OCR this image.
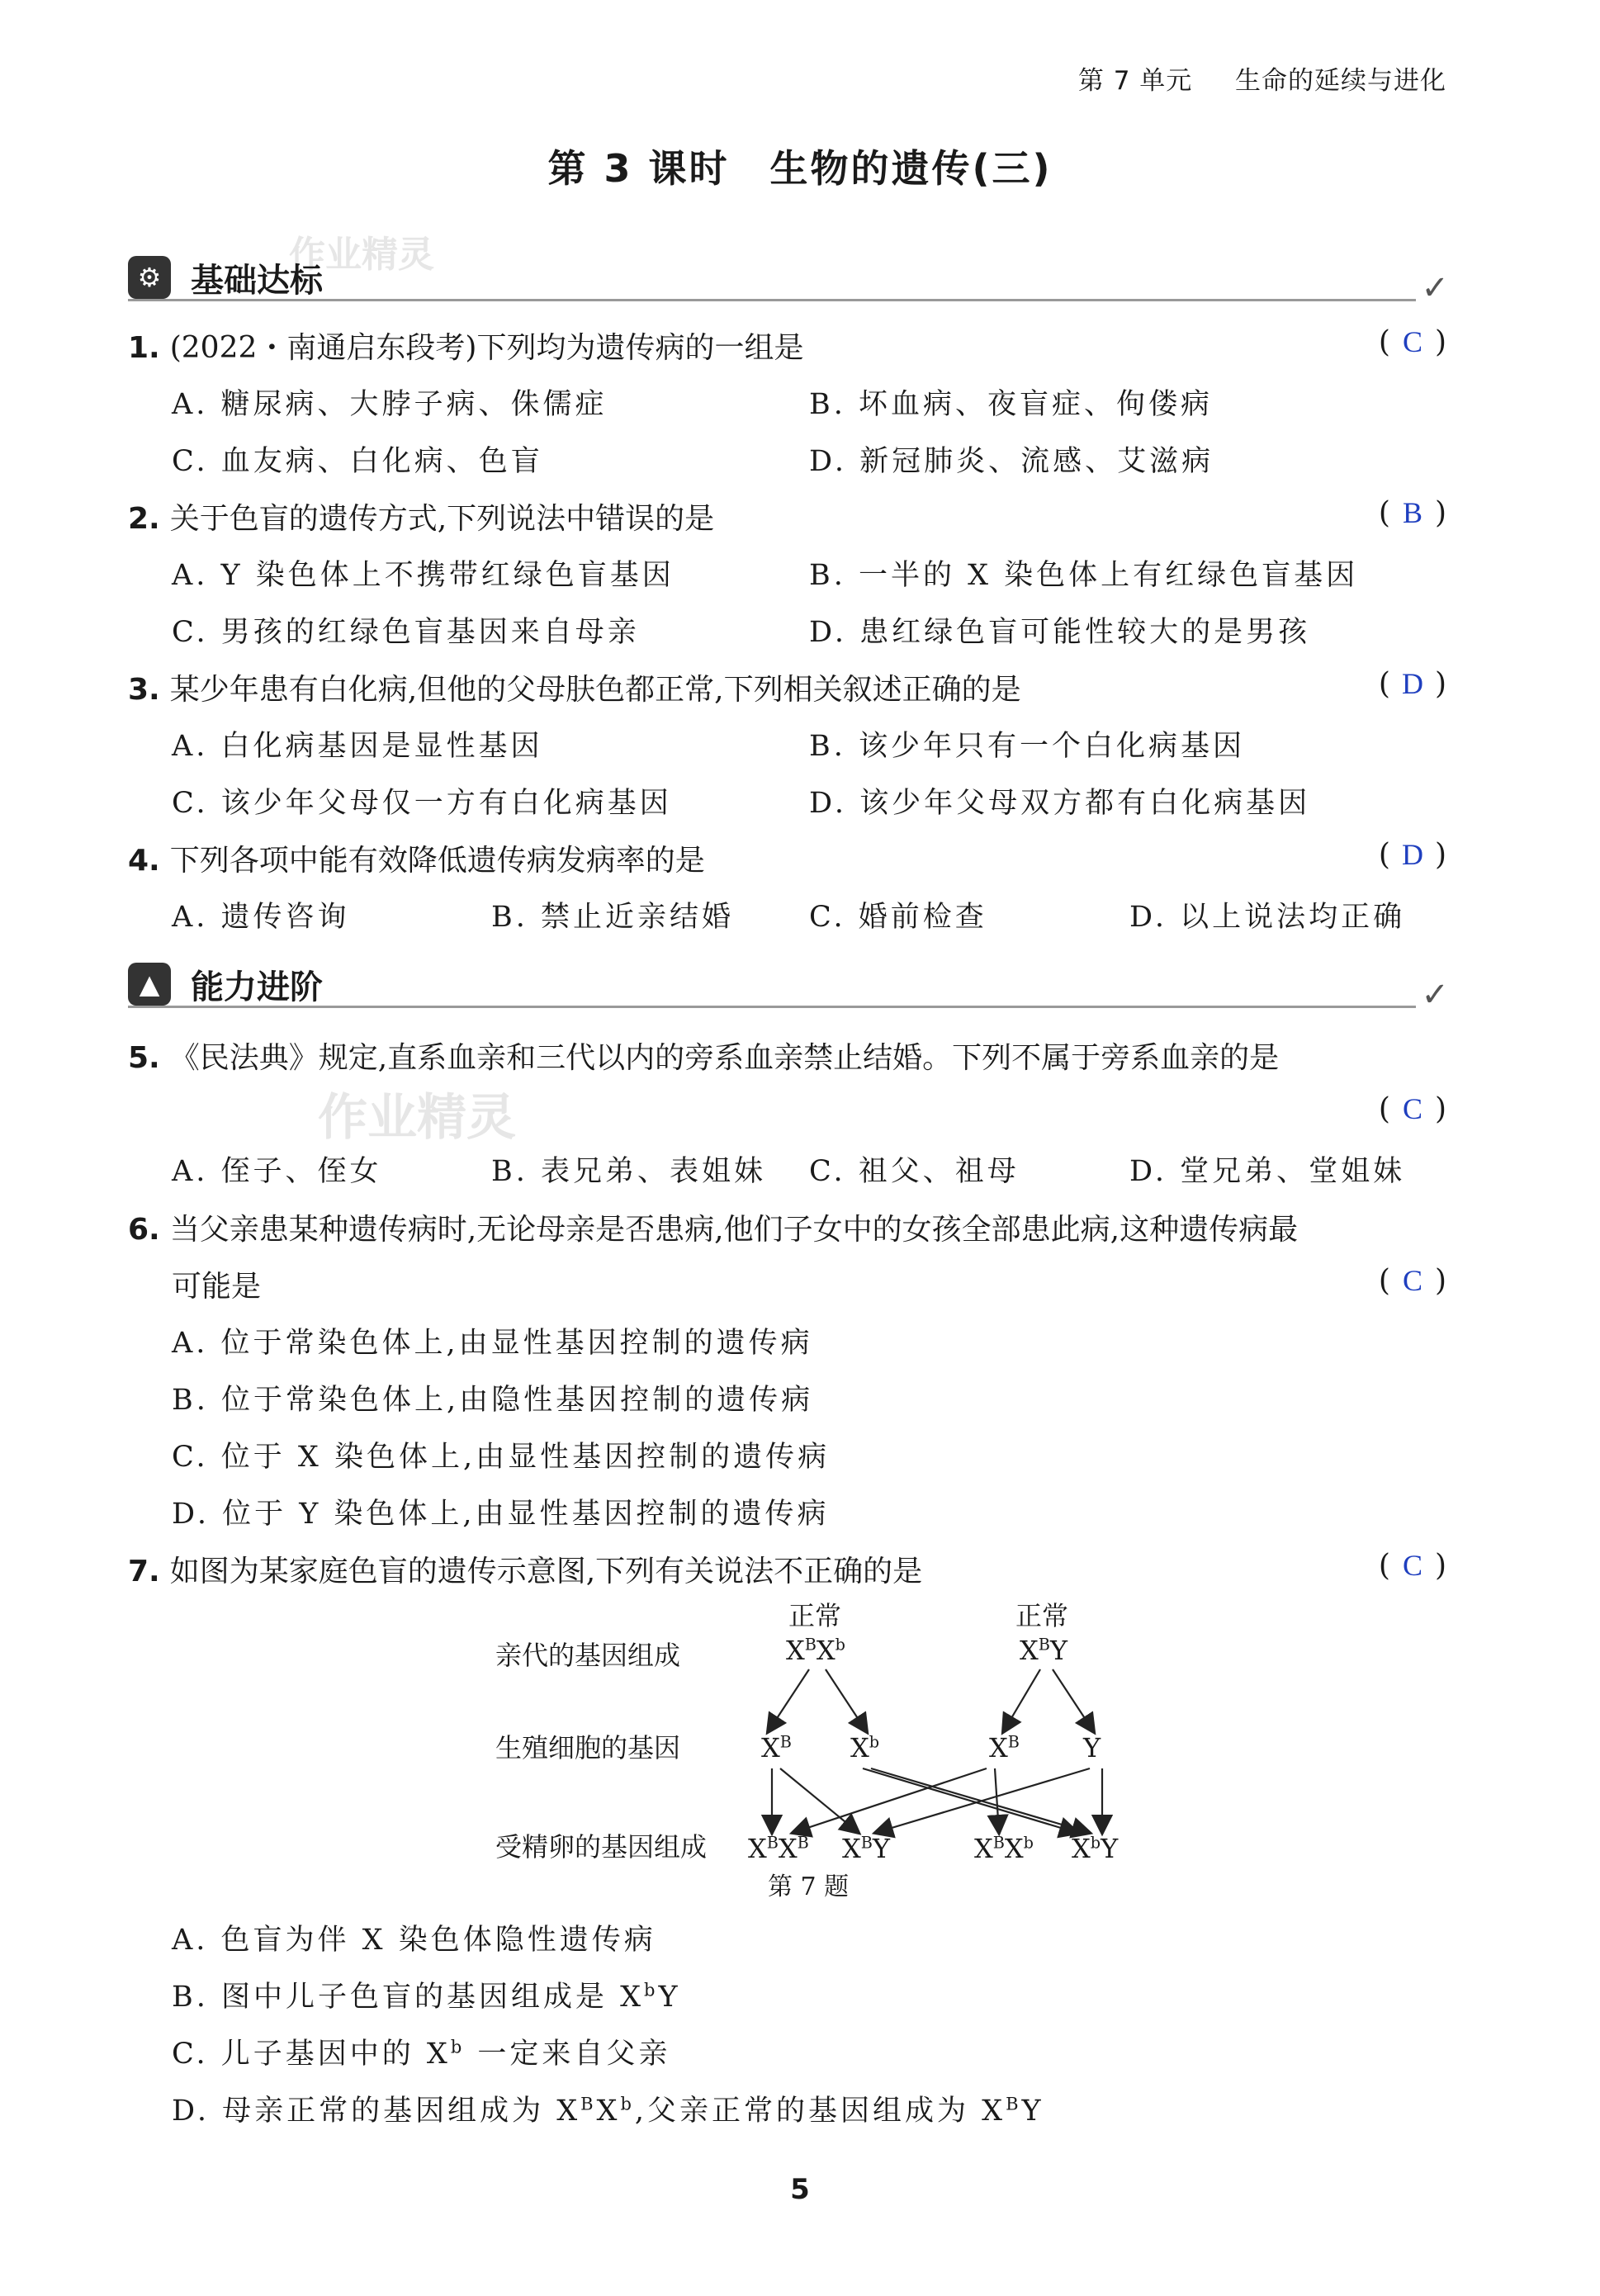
第 7 单元 生命的延续与进化
第 3 课时　生物的遗传(三)
作业精灵
作业精灵
⚙ 基础达标	✓
1. (2022・南通启东段考)下列均为遗传病的一组是	( C )
A. 糖尿病、大脖子病、侏儒症	B. 坏血病、夜盲症、佝偻病
C. 血友病、白化病、色盲	D. 新冠肺炎、流感、艾滋病
2. 关于色盲的遗传方式,下列说法中错误的是	( B )
A. Y 染色体上不携带红绿色盲基因	B. 一半的 X 染色体上有红绿色盲基因
C. 男孩的红绿色盲基因来自母亲	D. 患红绿色盲可能性较大的是男孩
3. 某少年患有白化病,但他的父母肤色都正常,下列相关叙述正确的是	( D )
A. 白化病基因是显性基因	B. 该少年只有一个白化病基因
C. 该少年父母仅一方有白化病基因	D. 该少年父母双方都有白化病基因
4. 下列各项中能有效降低遗传病发病率的是	( D )
A. 遗传咨询	B. 禁止近亲结婚	C. 婚前检查	D. 以上说法均正确
▲ 能力进阶	✓
5. 《民法典》规定,直系血亲和三代以内的旁系血亲禁止结婚。下列不属于旁系血亲的是
( C )
A. 侄子、侄女	B. 表兄弟、表姐妹 C. 祖父、祖母	D. 堂兄弟、堂姐妹
6. 当父亲患某种遗传病时,无论母亲是否患病,他们子女中的女孩全部患此病,这种遗传病最
可能是	( C )
A. 位于常染色体上,由显性基因控制的遗传病
B. 位于常染色体上,由隐性基因控制的遗传病
C. 位于 X 染色体上,由显性基因控制的遗传病
D. 位于 Y 染色体上,由显性基因控制的遗传病
7. 如图为某家庭色盲的遗传示意图,下列有关说法不正确的是	( C )
亲代的基因组成
生殖细胞的基因
受精卵的基因组成
正常	正常
$X^BX^b$	$X^BY$
$X^B$ $X^b$	$X^B$ Y
$X^BX^B$ $X^BY$	$X^BX^b$ $X^bY$
第 7 题
A. 色盲为伴 X 染色体隐性遗传病
B. 图中儿子色盲的基因组成是 $X^bY$
C. 儿子基因中的 $X^b$ 一定来自父亲
D. 母亲正常的基因组成为 $X^BX^b$,父亲正常的基因组成为 $X^BY$
5
